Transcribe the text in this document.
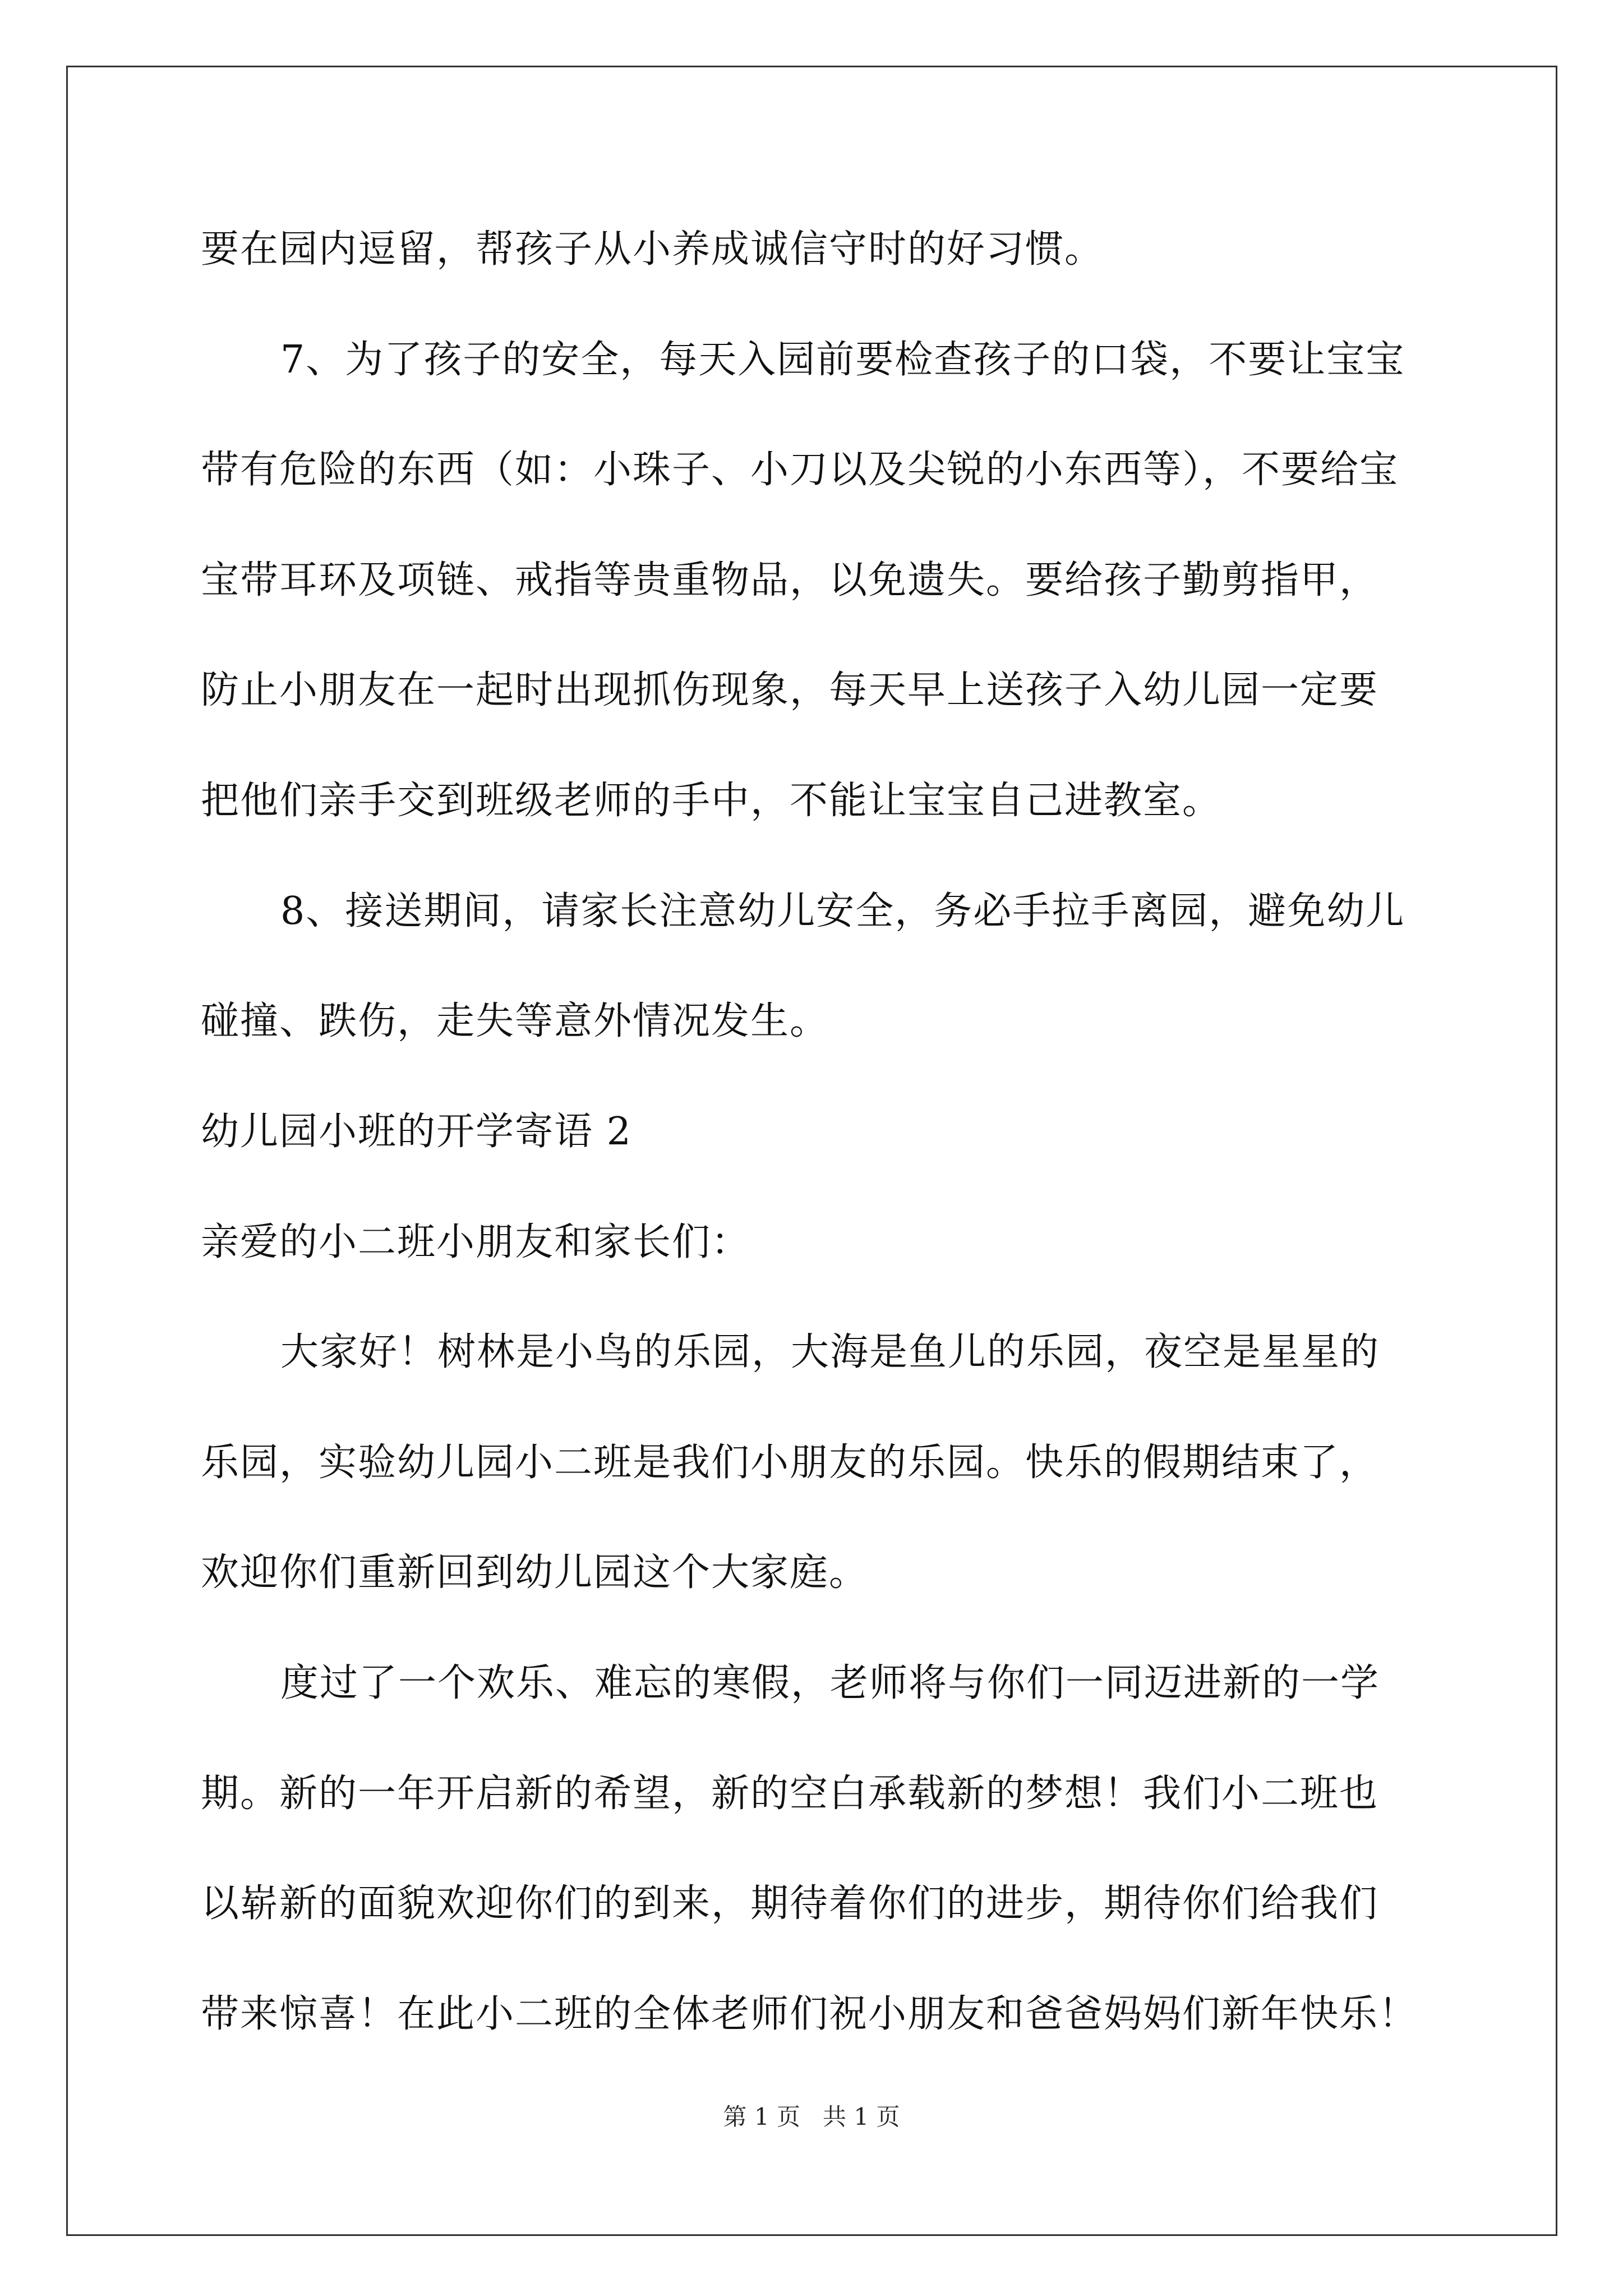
要在园内逗留，帮孩子从小养成诚信守时的好习惯。
7、为了孩子的安全，每天入园前要检查孩子的口袋，不要让宝宝
带有危险的东西（如：小珠子、小刀以及尖锐的小东西等），不要给宝
宝带耳环及项链、戒指等贵重物品，以免遗失。要给孩子勤剪指甲，
防止小朋友在一起时出现抓伤现象，每天早上送孩子入幼儿园一定要
把他们亲手交到班级老师的手中，不能让宝宝自己进教室。
8、接送期间，请家长注意幼儿安全，务必手拉手离园，避免幼儿
碰撞、跌伤，走失等意外情况发生。
幼儿园小班的开学寄语 2
亲爱的小二班小朋友和家长们：
大家好！树林是小鸟的乐园，大海是鱼儿的乐园，夜空是星星的
乐园，实验幼儿园小二班是我们小朋友的乐园。快乐的假期结束了，
欢迎你们重新回到幼儿园这个大家庭。
度过了一个欢乐、难忘的寒假，老师将与你们一同迈进新的一学
期。新的一年开启新的希望，新的空白承载新的梦想！我们小二班也
以崭新的面貌欢迎你们的到来，期待着你们的进步，期待你们给我们
带来惊喜！在此小二班的全体老师们祝小朋友和爸爸妈妈们新年快乐！
第 1 页   共 1 页
